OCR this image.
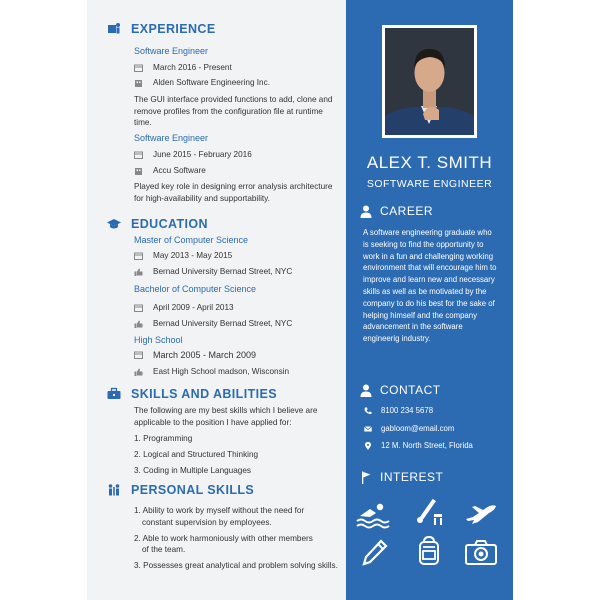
EXPERIENCE
Software Engineer
March 2016 - Present
Alden Software Engineering Inc.
The GUI interface provided functions to add, clone and remove profiles from the configuration file at runtime time.
Software Engineer
June 2015 - February 2016
Accu Software
Played key role in designing error analysis architecture for high-availability and supportability.
EDUCATION
Master of Computer Science
May 2013 - May 2015
Bernad University Bernad Street, NYC
Bachelor of Computer Science
April 2009 - April 2013
Bernad University Bernad Street, NYC
High School
March 2005 - March 2009
East High School madson, Wisconsin
SKILLS AND ABILITIES
The following are my best skills which I believe are applicable to the position I have applied for:
1. Programming
2. Logical and Structured Thinking
3. Coding in Multiple Languages
PERSONAL SKILLS
1. Ability to work by myself without the need for
constant supervision by employees.
2. Able to work harmoniously with other members
of the team.
3. Possesses great analytical and problem solving skills.
ALEX T. SMITH
SOFTWARE ENGINEER
CAREER
A software engineering graduate who is seeking to find the opportunity to work in a fun and challenging working environment that will encourage him to improve and learn new and necessary skills as well as be motivated by the company to do his best for the sake of helping himself and the company advancement in the software engineerig industry.
CONTACT
8100 234 5678
gabloom@email.com
12 M. North Street, Florida
INTEREST
